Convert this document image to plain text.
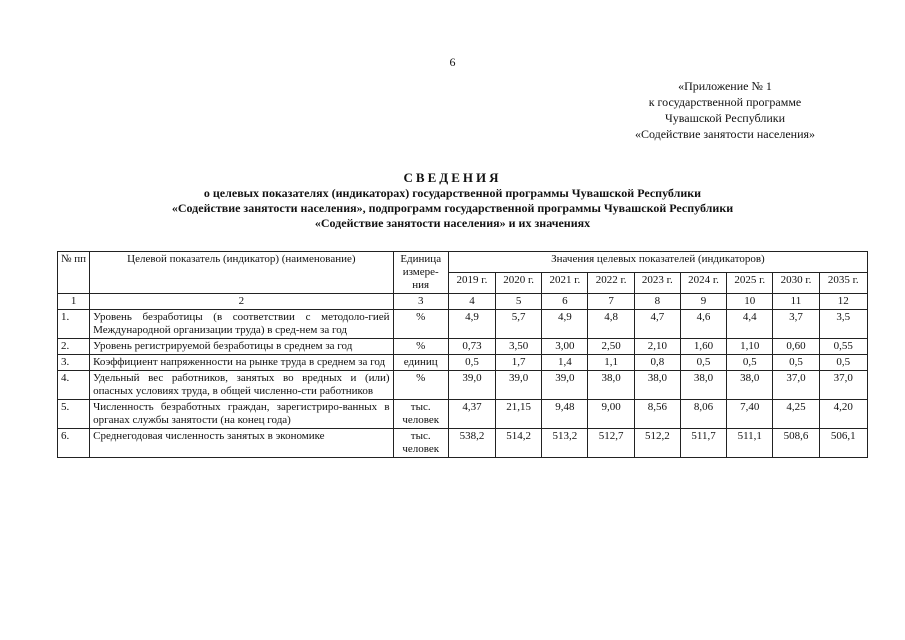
6
«Приложение № 1
к государственной программе
Чувашской Республики
«Содействие занятости населения»
СВЕДЕНИЯ
о целевых показателях (индикаторах) государственной программы Чувашской Республики
«Содействие занятости населения», подпрограмм государственной программы Чувашской Республики
«Содействие занятости населения» и их значениях
№ пп	Целевой показатель (индикатор) (наименование)	Единица измере-ния	Значения целевых показателей (индикаторов)								
			2019 г.	2020 г.	2021 г.	2022 г.	2023 г.	2024 г.	2025 г.	2030 г.	2035 г.
1	2	3	4	5	6	7	8	9	10	11	12
1.	Уровень безработицы (в соответствии с методоло-гией Международной организации труда) в сред-нем за год	%	4,9	5,7	4,9	4,8	4,7	4,6	4,4	3,7	3,5
2.	Уровень регистрируемой безработицы в среднем за год	%	0,73	3,50	3,00	2,50	2,10	1,60	1,10	0,60	0,55
3.	Коэффициент напряженности на рынке труда в среднем за год	единиц	0,5	1,7	1,4	1,1	0,8	0,5	0,5	0,5	0,5
4.	Удельный вес работников, занятых во вредных и (или) опасных условиях труда, в общей численно-сти работников	%	39,0	39,0	39,0	38,0	38,0	38,0	38,0	37,0	37,0
5.	Численность безработных граждан, зарегистриро-ванных в органах службы занятости (на конец года)	тыс. человек	4,37	21,15	9,48	9,00	8,56	8,06	7,40	4,25	4,20
6.	Среднегодовая численность занятых в экономике	тыс. человек	538,2	514,2	513,2	512,7	512,2	511,7	511,1	508,6	506,1
